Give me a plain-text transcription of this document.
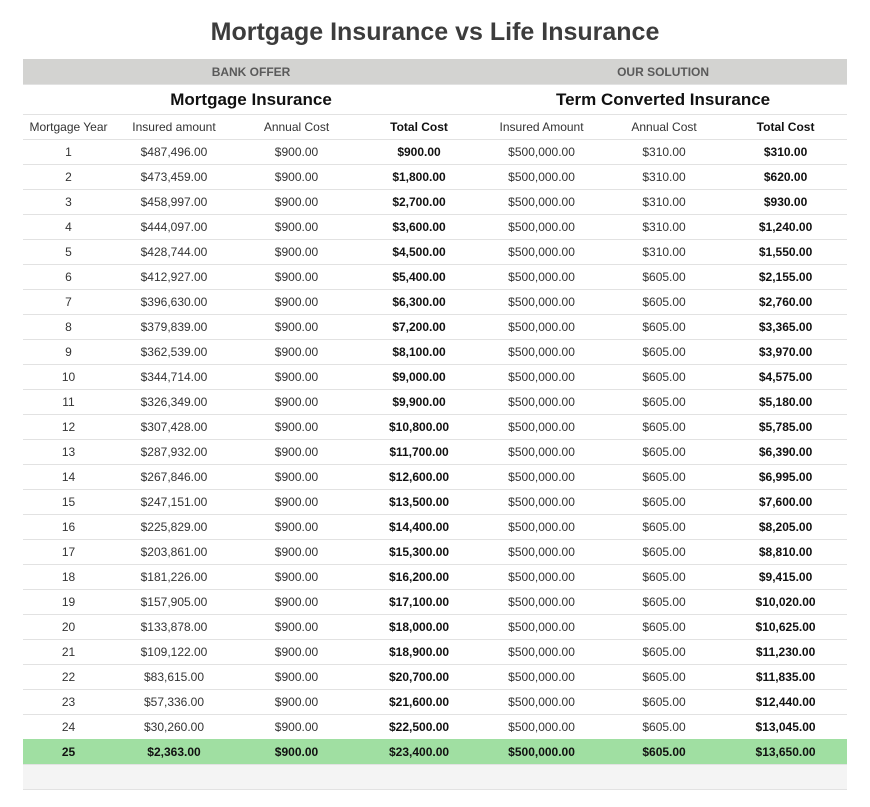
Mortgage Insurance vs Life Insurance
BANK OFFER				OUR SOLUTION		
Mortgage Insurance				Term Converted Insurance		
Mortgage Year	Insured amount	Annual Cost	Total Cost	Insured Amount	Annual Cost	Total Cost
1	$487,496.00	$900.00	$900.00	$500,000.00	$310.00	$310.00
2	$473,459.00	$900.00	$1,800.00	$500,000.00	$310.00	$620.00
3	$458,997.00	$900.00	$2,700.00	$500,000.00	$310.00	$930.00
4	$444,097.00	$900.00	$3,600.00	$500,000.00	$310.00	$1,240.00
5	$428,744.00	$900.00	$4,500.00	$500,000.00	$310.00	$1,550.00
6	$412,927.00	$900.00	$5,400.00	$500,000.00	$605.00	$2,155.00
7	$396,630.00	$900.00	$6,300.00	$500,000.00	$605.00	$2,760.00
8	$379,839.00	$900.00	$7,200.00	$500,000.00	$605.00	$3,365.00
9	$362,539.00	$900.00	$8,100.00	$500,000.00	$605.00	$3,970.00
10	$344,714.00	$900.00	$9,000.00	$500,000.00	$605.00	$4,575.00
11	$326,349.00	$900.00	$9,900.00	$500,000.00	$605.00	$5,180.00
12	$307,428.00	$900.00	$10,800.00	$500,000.00	$605.00	$5,785.00
13	$287,932.00	$900.00	$11,700.00	$500,000.00	$605.00	$6,390.00
14	$267,846.00	$900.00	$12,600.00	$500,000.00	$605.00	$6,995.00
15	$247,151.00	$900.00	$13,500.00	$500,000.00	$605.00	$7,600.00
16	$225,829.00	$900.00	$14,400.00	$500,000.00	$605.00	$8,205.00
17	$203,861.00	$900.00	$15,300.00	$500,000.00	$605.00	$8,810.00
18	$181,226.00	$900.00	$16,200.00	$500,000.00	$605.00	$9,415.00
19	$157,905.00	$900.00	$17,100.00	$500,000.00	$605.00	$10,020.00
20	$133,878.00	$900.00	$18,000.00	$500,000.00	$605.00	$10,625.00
21	$109,122.00	$900.00	$18,900.00	$500,000.00	$605.00	$11,230.00
22	$83,615.00	$900.00	$20,700.00	$500,000.00	$605.00	$11,835.00
23	$57,336.00	$900.00	$21,600.00	$500,000.00	$605.00	$12,440.00
24	$30,260.00	$900.00	$22,500.00	$500,000.00	$605.00	$13,045.00
25	$2,363.00	$900.00	$23,400.00	$500,000.00	$605.00	$13,650.00
